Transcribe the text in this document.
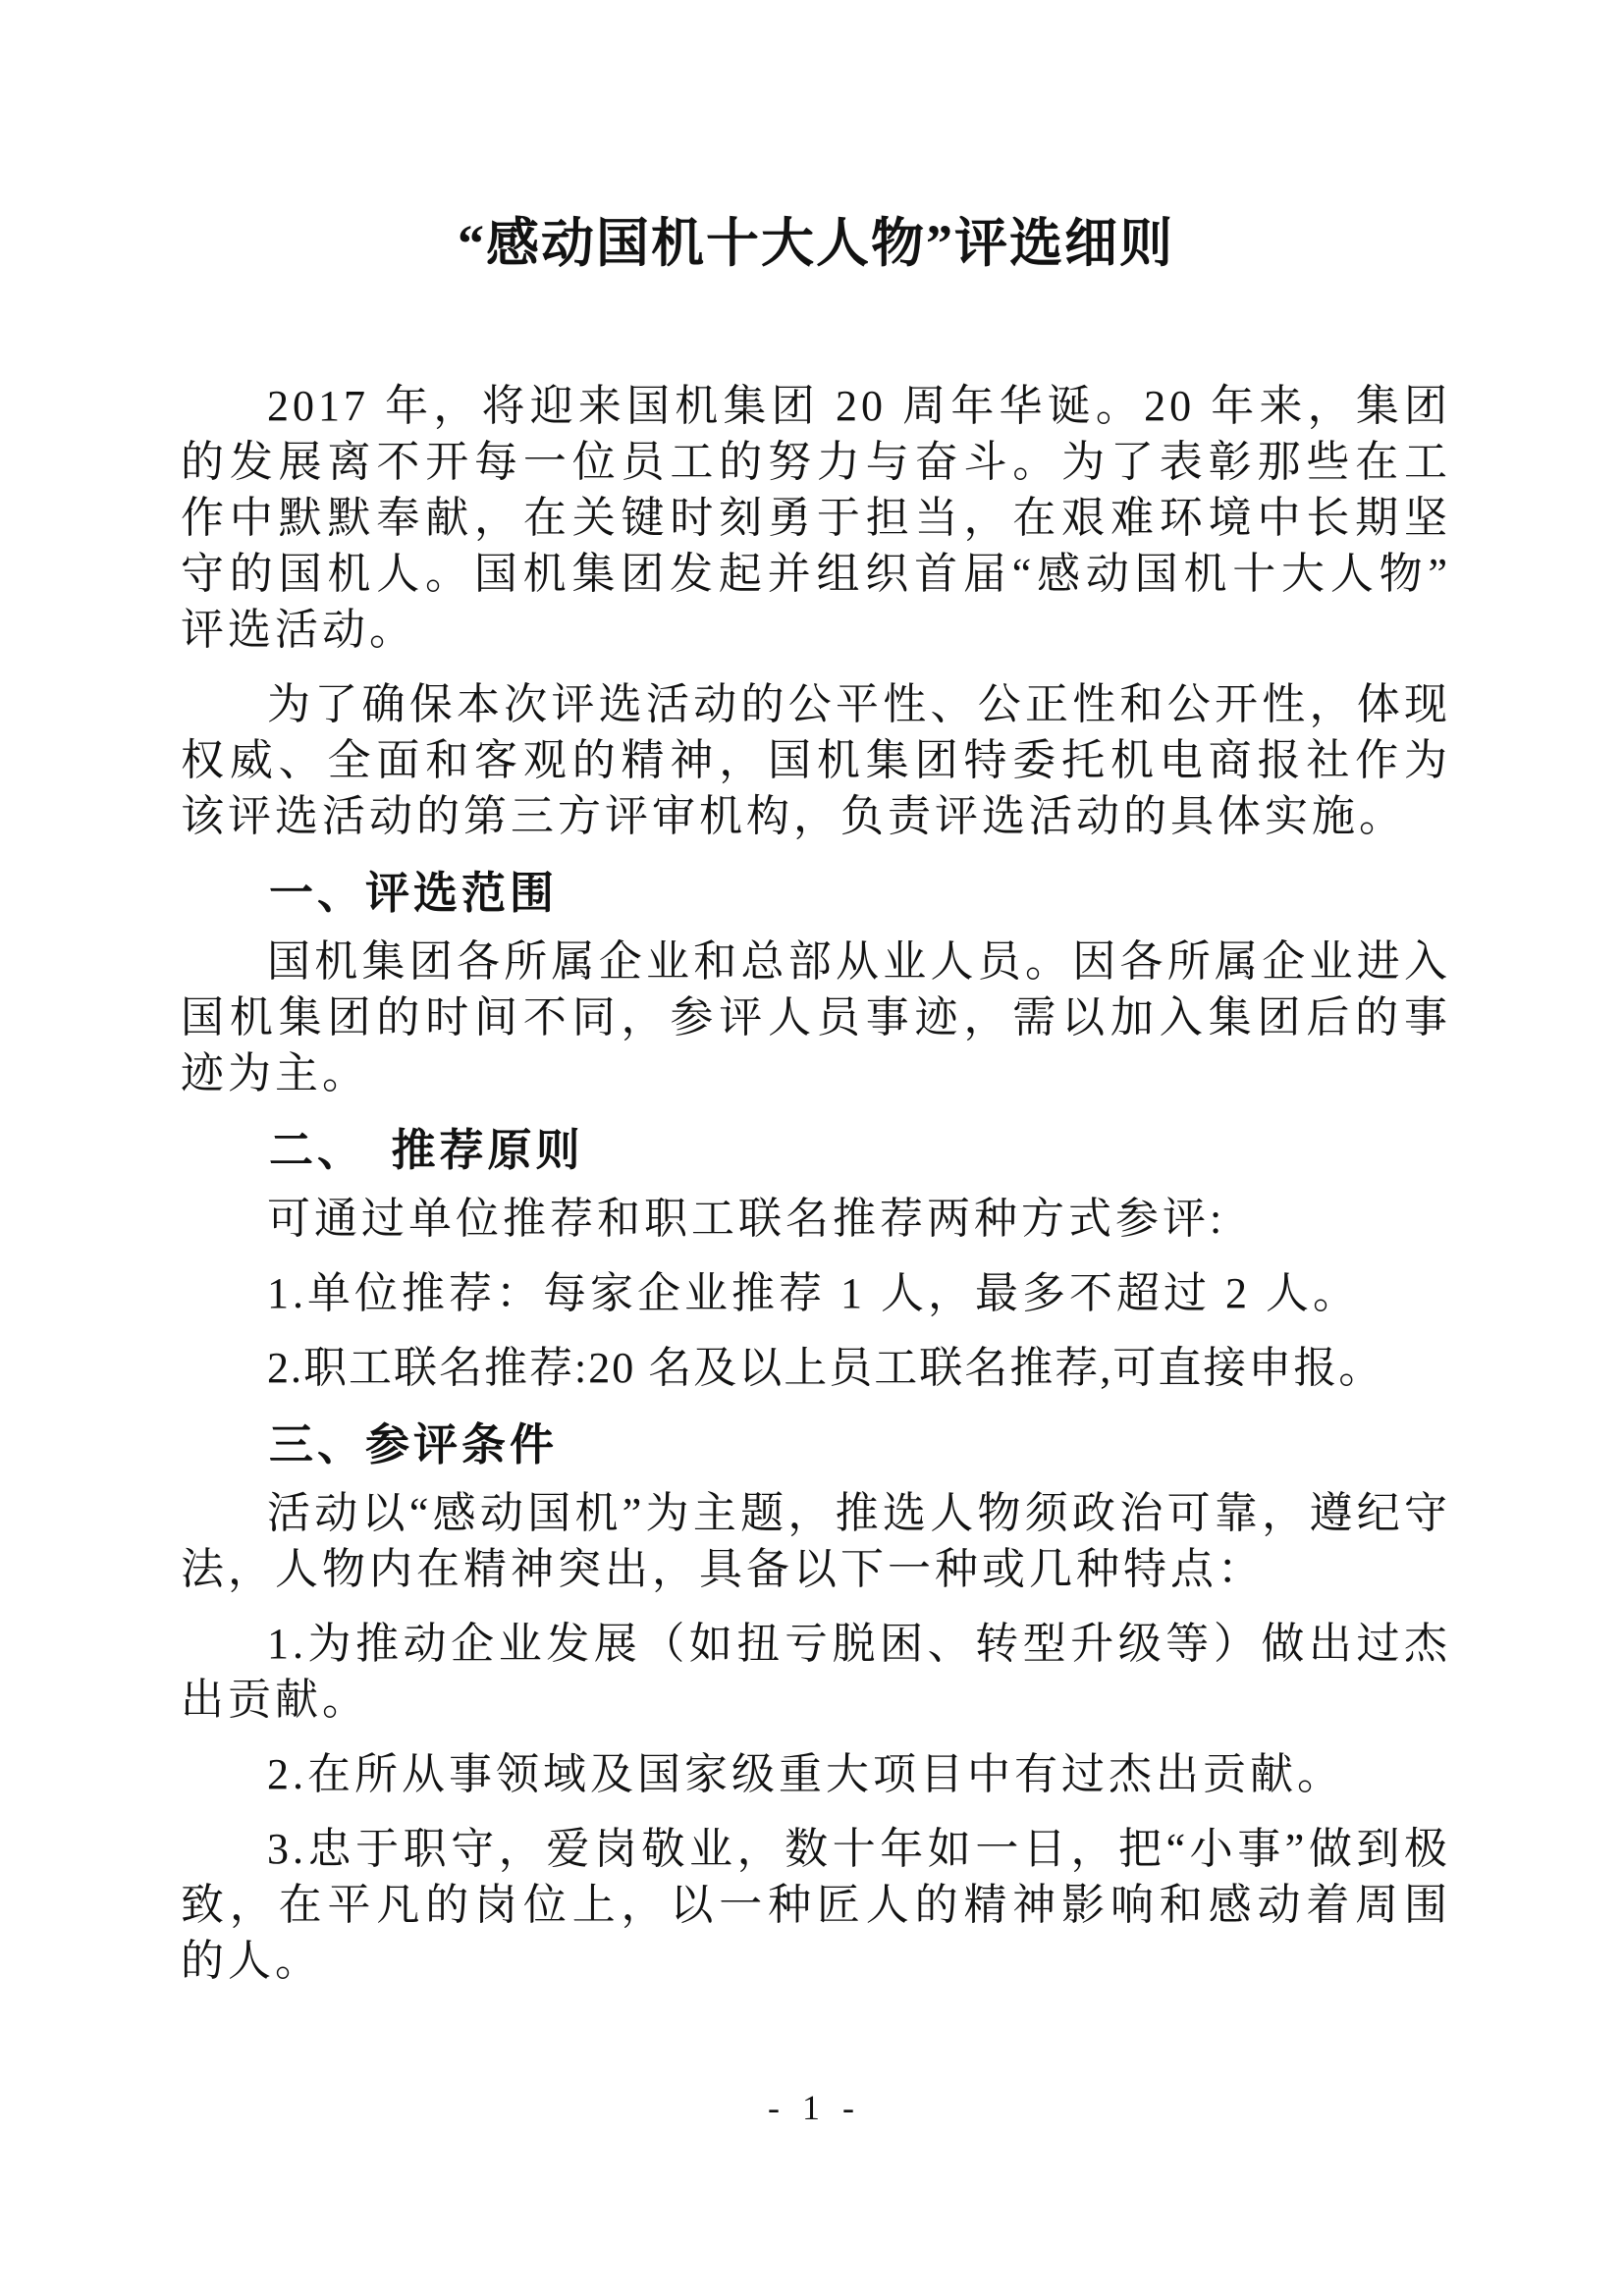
“感动国机十大人物”评选细则

2017 年，将迎来国机集团 20 周年华诞。20 年来，集团的发展离不开每一位员工的努力与奋斗。为了表彰那些在工作中默默奉献，在关键时刻勇于担当，在艰难环境中长期坚守的国机人。国机集团发起并组织首届“感动国机十大人物”评选活动。

为了确保本次评选活动的公平性、公正性和公开性，体现权威、全面和客观的精神，国机集团特委托机电商报社作为该评选活动的第三方评审机构，负责评选活动的具体实施。

一、评选范围

国机集团各所属企业和总部从业人员。因各所属企业进入国机集团的时间不同，参评人员事迹，需以加入集团后的事迹为主。

二、　推荐原则

可通过单位推荐和职工联名推荐两种方式参评:

1.单位推荐：每家企业推荐 1 人，最多不超过 2 人。

2.职工联名推荐:20 名及以上员工联名推荐,可直接申报。

三、参评条件

活动以“感动国机”为主题，推选人物须政治可靠，遵纪守法，人物内在精神突出，具备以下一种或几种特点：

1.为推动企业发展（如扭亏脱困、转型升级等）做出过杰出贡献。

2.在所从事领域及国家级重大项目中有过杰出贡献。

3.忠于职守，爱岗敬业，数十年如一日，把“小事”做到极致，在平凡的岗位上，以一种匠人的精神影响和感动着周围的人。

- 1 -
